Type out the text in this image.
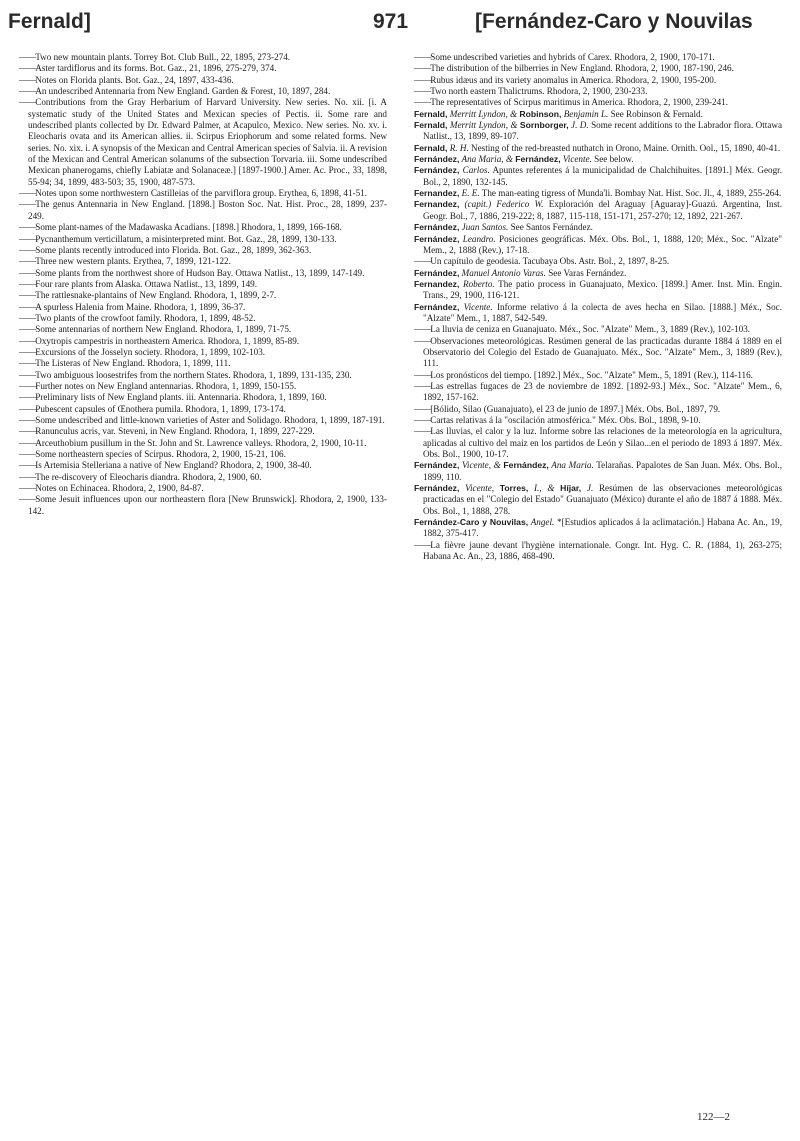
Fernald]	971	[Fernández-Caro y Nouvilas

—— Two new mountain plants. Torrey Bot. Club Bull., 22, 1895, 273-274.

—— Aster tardiflorus and its forms. Bot. Gaz., 21, 1896, 275-279, 374.

—— Notes on Florida plants. Bot. Gaz., 24, 1897, 433-436.

—— An undescribed Antennaria from New England. Garden & Forest, 10, 1897, 284.

—— Contributions from the Gray Herbarium of Harvard University. New series. No. xii. [i. A systematic study of the United States and Mexican species of Pectis. ii. Some rare and undescribed plants collected by Dr. Edward Palmer, at Acapulco, Mexico. New series. No. xv. i. Eleocharis ovata and its American allies. ii. Scirpus Eriophorum and some related forms. New series. No. xix. i. A synopsis of the Mexican and Central American species of Salvia. ii. A revision of the Mexican and Central American solanums of the subsection Torvaria. iii. Some undescribed Mexican phanerogams, chiefly Labiatæ and Solanaceæ.] [1897-1900.] Amer. Ac. Proc., 33, 1898, 55-94; 34, 1899, 483-503; 35, 1900, 487-573.

—— Notes upon some northwestern Castilleias of the parviflora group. Erythea, 6, 1898, 41-51.

—— The genus Antennaria in New England. [1898.] Boston Soc. Nat. Hist. Proc., 28, 1899, 237-249.

—— Some plant-names of the Madawaska Acadians. [1898.] Rhodora, 1, 1899, 166-168.

—— Pycnanthemum verticillatum, a misinterpreted mint. Bot. Gaz., 28, 1899, 130-133.

—— Some plants recently introduced into Florida. Bot. Gaz., 28, 1899, 362-363.

—— Three new western plants. Erythea, 7, 1899, 121-122.

—— Some plants from the northwest shore of Hudson Bay. Ottawa Natlist., 13, 1899, 147-149.

—— Four rare plants from Alaska. Ottawa Natlist., 13, 1899, 149.

—— The rattlesnake-plantains of New England. Rhodora, 1, 1899, 2-7.

—— A spurless Halenia from Maine. Rhodora, 1, 1899, 36-37.

—— Two plants of the crowfoot family. Rhodora, 1, 1899, 48-52.

—— Some antennarias of northern New England. Rhodora, 1, 1899, 71-75.

—— Oxytropis campestris in northeastern America. Rhodora, 1, 1899, 85-89.

—— Excursions of the Josselyn society. Rhodora, 1, 1899, 102-103.

—— The Listeras of New England. Rhodora, 1, 1899, 111.

—— Two ambiguous loosestrifes from the northern States. Rhodora, 1, 1899, 131-135, 230.

—— Further notes on New England antennarias. Rhodora, 1, 1899, 150-155.

—— Preliminary lists of New England plants. iii. Antennaria. Rhodora, 1, 1899, 160.

—— Pubescent capsules of Œnothera pumila. Rhodora, 1, 1899, 173-174.

—— Some undescribed and little-known varieties of Aster and Solidago. Rhodora, 1, 1899, 187-191.

—— Ranunculus acris, var. Steveni, in New England. Rhodora, 1, 1899, 227-229.

—— Arceuthobium pusillum in the St. John and St. Lawrence valleys. Rhodora, 2, 1900, 10-11.

—— Some northeastern species of Scirpus. Rhodora, 2, 1900, 15-21, 106.

—— Is Artemisia Stelleriana a native of New England? Rhodora, 2, 1900, 38-40.

—— The re-discovery of Eleocharis diandra. Rhodora, 2, 1900, 60.

—— Notes on Echinacea. Rhodora, 2, 1900, 84-87.

—— Some Jesuit influences upon our northeastern flora [New Brunswick]. Rhodora, 2, 1900, 133-142.

—— Some undescribed varieties and hybrids of Carex. Rhodora, 2, 1900, 170-171.

—— The distribution of the bilberries in New England. Rhodora, 2, 1900, 187-190, 246.

—— Rubus idæus and its variety anomalus in America. Rhodora, 2, 1900, 195-200.

—— Two north eastern Thalictrums. Rhodora, 2, 1900, 230-233.

—— The representatives of Scirpus maritimus in America. Rhodora, 2, 1900, 239-241.

Fernald, Merritt Lyndon, & Robinson, Benjamin L. See Robinson & Fernald.

Fernald, Merritt Lyndon, & Sornborger, J. D. Some recent additions to the Labrador flora. Ottawa Natlist., 13, 1899, 89-107.

Fernald, R. H. Nesting of the red-breasted nuthatch in Orono, Maine. Ornith. Ool., 15, 1890, 40-41.

Fernández, Ana Maria, & Fernández, Vicente. See below.

Fernández, Carlos. Apuntes referentes á la municipalidad de Chalchihuites. [1891.] Méx. Geogr. Bol., 2, 1890, 132-145.

Fernandez, E. E. The man-eating tigress of Munda'li. Bombay Nat. Hist. Soc. Jl., 4, 1889, 255-264.

Fernandez, (capit.) Federico W. Exploración del Araguay [Aguaray]-Guazú. Argentina, Inst. Geogr. Bol., 7, 1886, 219-222; 8, 1887, 115-118, 151-171, 257-270; 12, 1892, 221-267.

Fernández, Juan Santos. See Santos Fernández.

Fernández, Leandro. Posiciones geográficas. Méx. Obs. Bol., 1, 1888, 120; Méx., Soc. "Alzate" Mem., 2, 1888 (Rev.), 17-18.

—— Un capítulo de geodesia. Tacubaya Obs. Astr. Bol., 2, 1897, 8-25.

Fernández, Manuel Antonio Varas. See Varas Fernández.

Fernandez, Roberto. The patio process in Guanajuato, Mexico. [1899.] Amer. Inst. Min. Engin. Trans., 29, 1900, 116-121.

Fernández, Vicente. Informe relativo á la colecta de aves hecha en Silao. [1888.] Méx., Soc. "Alzate" Mem., 1, 1887, 542-549.

—— La lluvia de ceniza en Guanajuato. Méx., Soc. "Alzate" Mem., 3, 1889 (Rev.), 102-103.

—— Observaciones meteorológicas. Resúmen general de las practicadas durante 1884 á 1889 en el Observatorio del Colegio del Estado de Guanajuato. Méx., Soc. "Alzate" Mem., 3, 1889 (Rev.), 111.

—— Los pronósticos del tiempo. [1892.] Méx., Soc. "Alzate" Mem., 5, 1891 (Rev.), 114-116.

—— Las estrellas fugaces de 23 de noviembre de 1892. [1892-93.] Méx., Soc. "Alzate" Mem., 6, 1892, 157-162.

—— [Bólido, Silao (Guanajuato), el 23 de junio de 1897.] Méx. Obs. Bol., 1897, 79.

—— Cartas relativas á la "oscilación atmosférica." Méx. Obs. Bol., 1898, 9-10.

—— Las lluvias, el calor y la luz. Informe sobre las relaciones de la meteorología en la agricultura, aplicadas al cultivo del maiz en los partidos de León y Silao...en el periodo de 1893 á 1897. Méx. Obs. Bol., 1900, 10-17.

Fernández, Vicente, & Fernández, Ana Maria. Telarañas. Papalotes de San Juan. Méx. Obs. Bol., 1899, 110.

Fernández, Vicente, Torres, I., & Híjar, J. Resúmen de las observaciones meteorológicas practicadas en el "Colegio del Estado" Guanajuato (México) durante el año de 1887 á 1888. Méx. Obs. Bol., 1, 1888, 278.

Fernández-Caro y Nouvilas, Angel. *[Estudios aplicados á la aclimatación.] Habana Ac. An., 19, 1882, 375-417.

—— La fièvre jaune devant l'hygiène internationale. Congr. Int. Hyg. C. R. (1884, 1), 263-275; Habana Ac. An., 23, 1886, 468-490.

122—2
